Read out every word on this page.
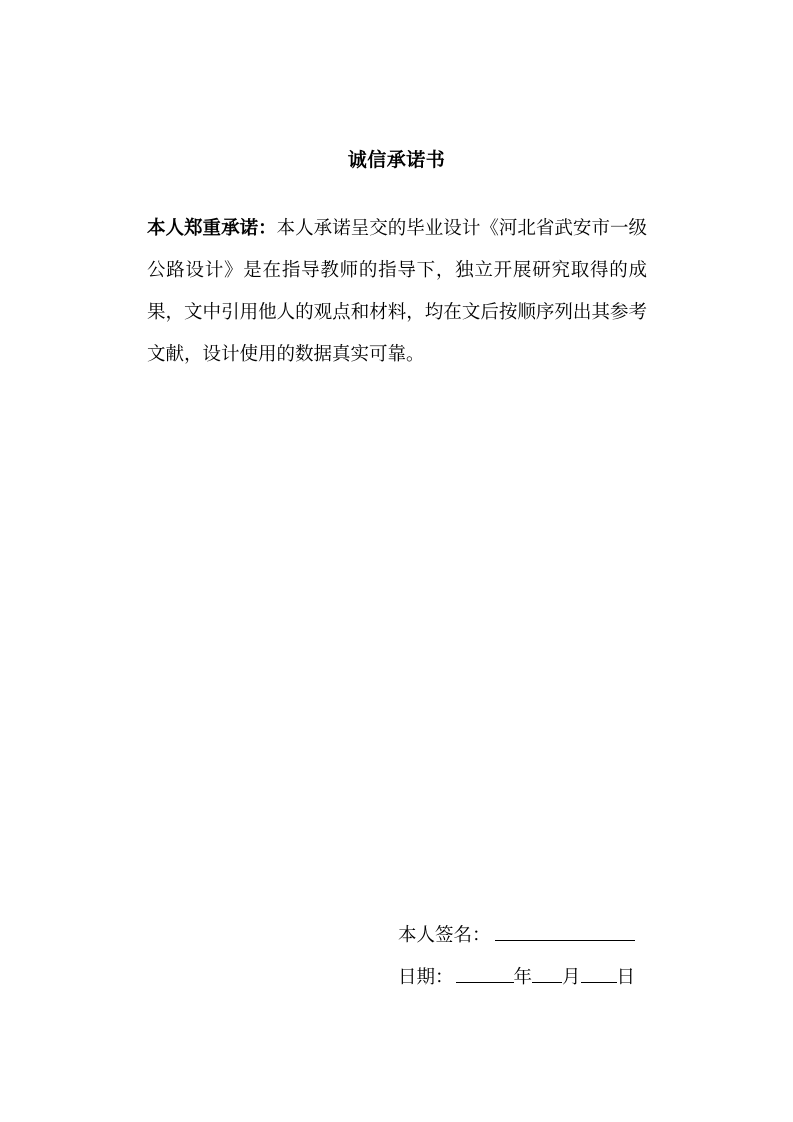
诚信承诺书
本人郑重承诺：本人承诺呈交的毕业设计《河北省武安市一级公路设计》是在指导教师的指导下，独立开展研究取得的成果，文中引用他人的观点和材料，均在文后按顺序列出其参考文献，设计使用的数据真实可靠。
本人签名：
日期：	年 月 日
